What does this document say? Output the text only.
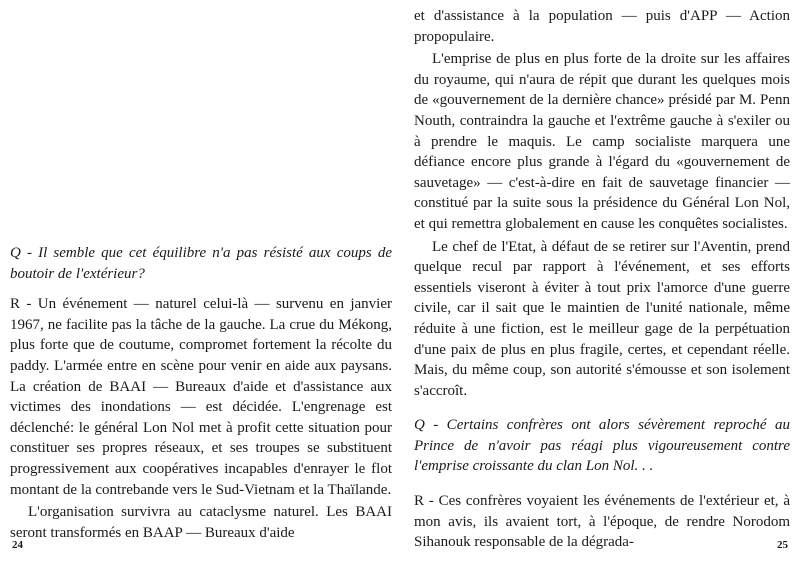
Q - Il semble que cet équilibre n'a pas résisté aux coups de boutoir de l'extérieur?

R - Un événement — naturel celui-là — survenu en janvier 1967, ne facilite pas la tâche de la gauche. La crue du Mékong, plus forte que de coutume, compromet fortement la récolte du paddy. L'armée entre en scène pour venir en aide aux paysans. La création de BAAI — Bureaux d'aide et d'assistance aux victimes des inondations — est décidée. L'engrenage est déclenché: le général Lon Nol met à profit cette situation pour constituer ses propres réseaux, et ses troupes se substituent progressivement aux coopératives incapables d'enrayer le flot montant de la contrebande vers le Sud-Vietnam et la Thaïlande.

L'organisation survivra au cataclysme naturel. Les BAAI seront transformés en BAAP — Bureaux d'aide

24

et d'assistance à la population — puis d'APP — Action propopulaire.

L'emprise de plus en plus forte de la droite sur les affaires du royaume, qui n'aura de répit que durant les quelques mois de «gouvernement de la dernière chance» présidé par M. Penn Nouth, contraindra la gauche et l'extrême gauche à s'exiler ou à prendre le maquis. Le camp socialiste marquera une défiance encore plus grande à l'égard du «gouvernement de sauvetage» — c'est-à-dire en fait de sauvetage financier — constitué par la suite sous la présidence du Général Lon Nol, et qui remettra globalement en cause les conquêtes socialistes.

Le chef de l'Etat, à défaut de se retirer sur l'Aventin, prend quelque recul par rapport à l'événement, et ses efforts essentiels viseront à éviter à tout prix l'amorce d'une guerre civile, car il sait que le maintien de l'unité nationale, même réduite à une fiction, est le meilleur gage de la perpétuation d'une paix de plus en plus fragile, certes, et cependant réelle. Mais, du même coup, son autorité s'émousse et son isolement s'accroît.

Q - Certains confrères ont alors sévèrement reproché au Prince de n'avoir pas réagi plus vigoureusement contre l'emprise croissante du clan Lon Nol. . .

R - Ces confrères voyaient les événements de l'extérieur et, à mon avis, ils avaient tort, à l'époque, de rendre Norodom Sihanouk responsable de la dégrada-	25
